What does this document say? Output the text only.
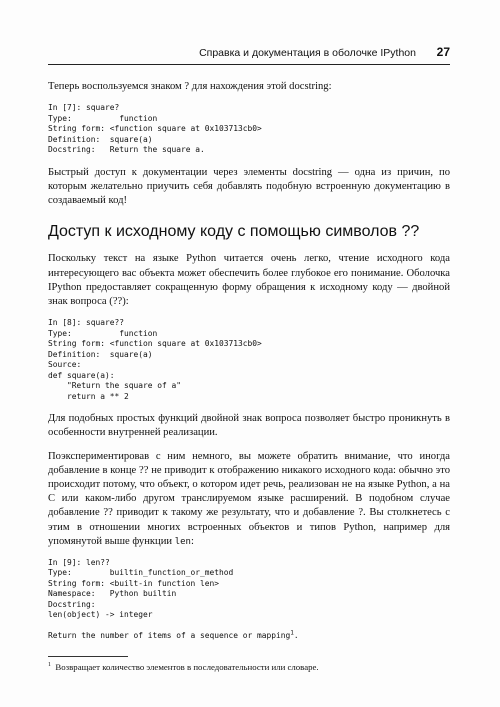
Справка и документация в оболочке IPython 27

Теперь воспользуемся знаком ? для нахождения этой docstring:

In [7]: square?
Type:          function
String form: <function square at 0x103713cb0>
Definition:  square(a)
Docstring:   Return the square a.

Быстрый доступ к документации через элементы docstring — одна из причин, по которым желательно приучить себя добавлять подобную встроенную документацию в создаваемый код!

Доступ к исходному коду с помощью символов ??

Поскольку текст на языке Python читается очень легко, чтение исходного кода интересующего вас объекта может обеспечить более глубокое его понимание. Оболочка IPython предоставляет сокращенную форму обращения к исходному коду — двойной знак вопроса (??):

In [8]: square??
Type:          function
String form: <function square at 0x103713cb0>
Definition:  square(a)
Source:
def square(a):
"Return the square of a"
return a ** 2

Для подобных простых функций двойной знак вопроса позволяет быстро проникнуть в особенности внутренней реализации.

Поэкспериментировав с ним немного, вы можете обратить внимание, что иногда добавление в конце ?? не приводит к отображению никакого исходного кода: обычно это происходит потому, что объект, о котором идет речь, реализован не на языке Python, а на C или каком-либо другом транслируемом языке расширений. В подобном случае добавление ?? приводит к такому же результату, что и добавление ?. Вы столкнетесь с этим в отношении многих встроенных объектов и типов Python, например для упомянутой выше функции len:

In [9]: len??
Type:        builtin_function_or_method
String form: <built-in function len>
Namespace:   Python builtin
Docstring:
len(object) -> integer

Return the number of items of a sequence or mapping$^1$.
$^1$ Возвращает количество элементов в последовательности или словаре.
